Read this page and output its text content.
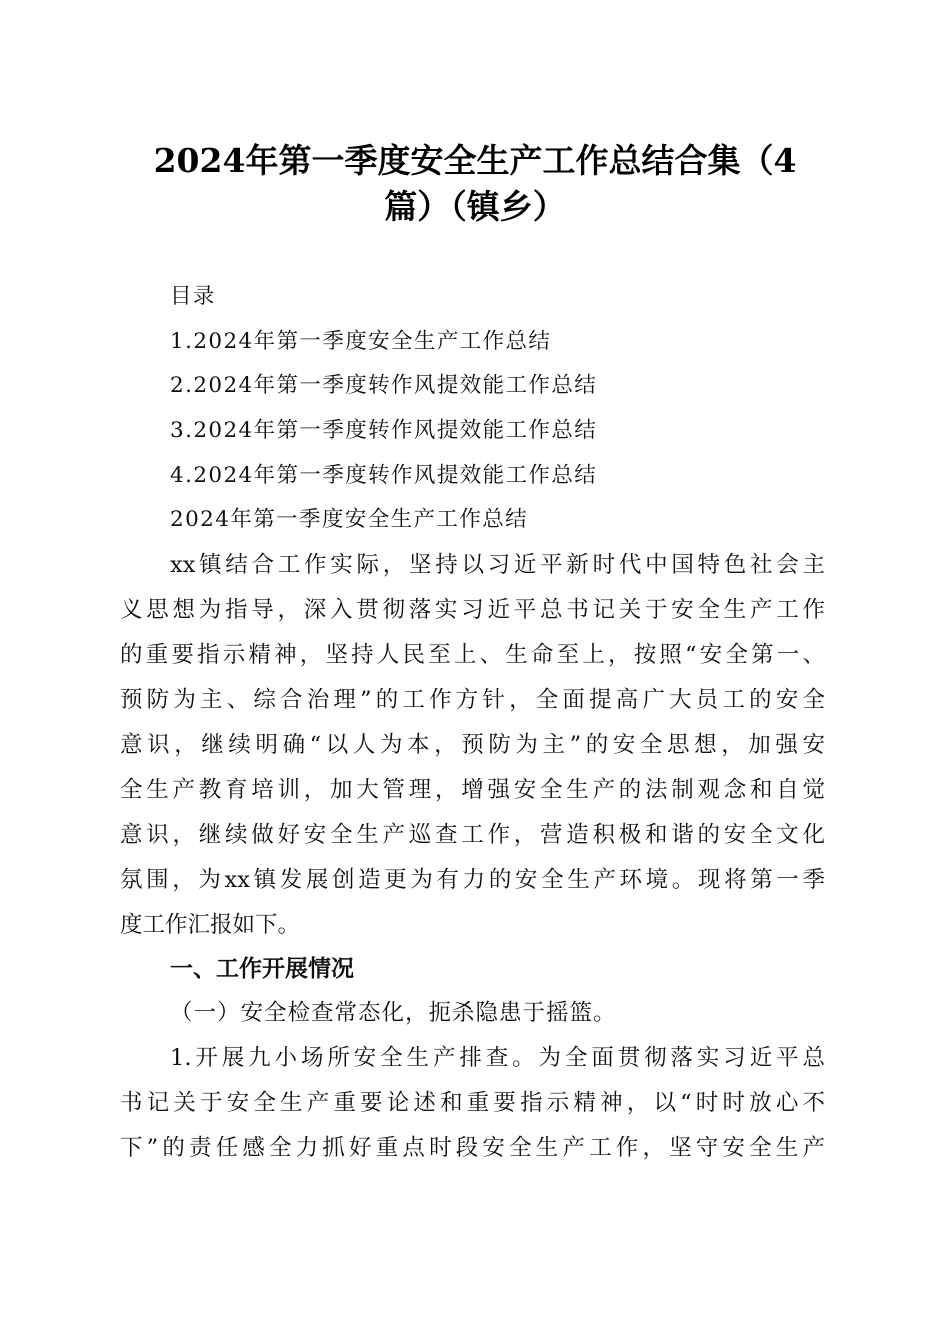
2024年第一季度安全生产工作总结合集（4
篇）（镇乡）
目录
1.2024年第一季度安全生产工作总结
2.2024年第一季度转作风提效能工作总结
3.2024年第一季度转作风提效能工作总结
4.2024年第一季度转作风提效能工作总结
2024年第一季度安全生产工作总结
xx镇结合工作实际，坚持以习近平新时代中国特色社会主
义思想为指导，深入贯彻落实习近平总书记关于安全生产工作
的重要指示精神，坚持人民至上、生命至上，按照“安全第一、
预防为主、综合治理”的工作方针，全面提高广大员工的安全
意识，继续明确“以人为本，预防为主”的安全思想，加强安
全生产教育培训，加大管理，增强安全生产的法制观念和自觉
意识，继续做好安全生产巡查工作，营造积极和谐的安全文化
氛围，为xx镇发展创造更为有力的安全生产环境。现将第一季
度工作汇报如下。
一、工作开展情况
（一）安全检查常态化，扼杀隐患于摇篮。
1.开展九小场所安全生产排查。为全面贯彻落实习近平总
书记关于安全生产重要论述和重要指示精神，以“时时放心不
下”的责任感全力抓好重点时段安全生产工作，坚守安全生产
